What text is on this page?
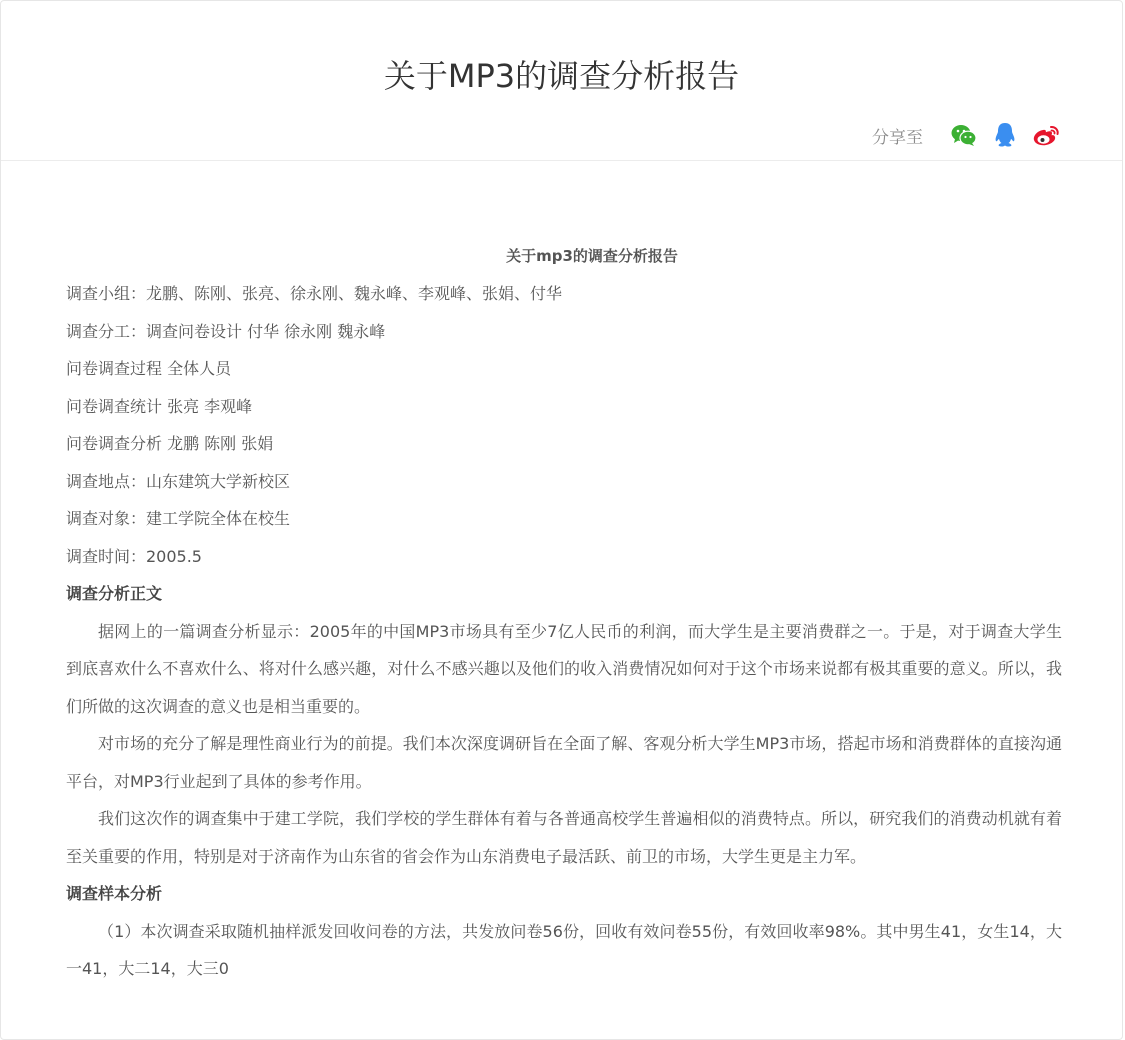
关于MP3的调查分析报告
分享至

关于mp3的调查分析报告

调查小组：龙鹏、陈刚、张亮、徐永刚、魏永峰、李观峰、张娟、付华

调查分工：调查问卷设计 付华 徐永刚 魏永峰

问卷调查过程 全体人员

问卷调查统计 张亮 李观峰

问卷调查分析 龙鹏 陈刚 张娟

调查地点：山东建筑大学新校区

调查对象：建工学院全体在校生

调查时间：2005.5

调查分析正文

据网上的一篇调查分析显示：2005年的中国MP3市场具有至少7亿人民币的利润，而大学生是主要消费群之一。于是，对于调查大学生到底喜欢什么不喜欢什么、将对什么感兴趣，对什么不感兴趣以及他们的收入消费情况如何对于这个市场来说都有极其重要的意义。所以，我们所做的这次调查的意义也是相当重要的。

对市场的充分了解是理性商业行为的前提。我们本次深度调研旨在全面了解、客观分析大学生MP3市场，搭起市场和消费群体的直接沟通平台，对MP3行业起到了具体的参考作用。

我们这次作的调查集中于建工学院，我们学校的学生群体有着与各普通高校学生普遍相似的消费特点。所以，研究我们的消费动机就有着至关重要的作用，特别是对于济南作为山东省的省会作为山东消费电子最活跃、前卫的市场，大学生更是主力军。

调查样本分析

（1）本次调查采取随机抽样派发回收问卷的方法，共发放问卷56份，回收有效问卷55份，有效回收率98%。其中男生41，女生14，大一41，大二14，大三0
